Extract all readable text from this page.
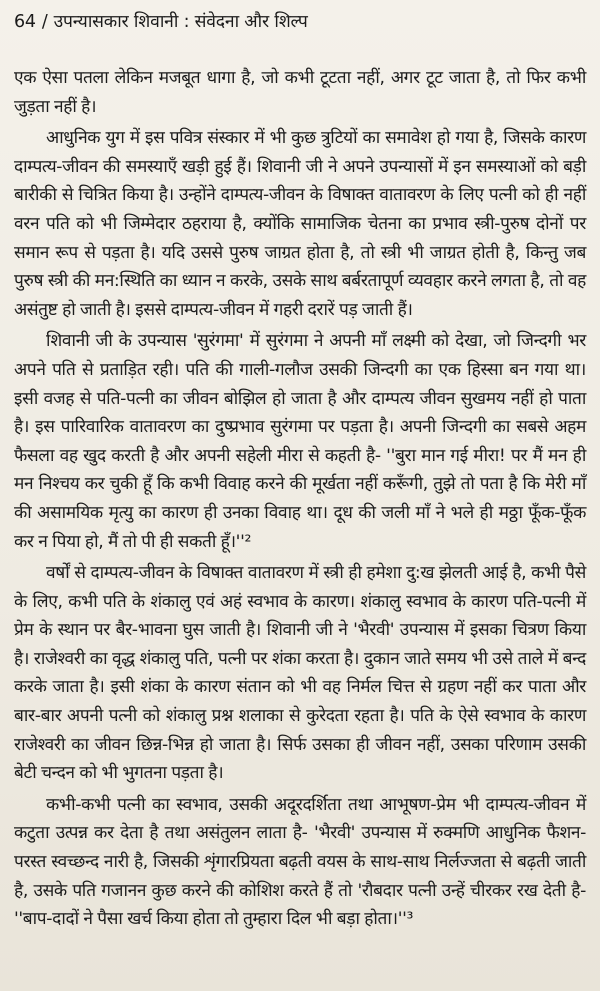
64 / उपन्यासकार शिवानी : संवेदना और शिल्प

एक ऐसा पतला लेकिन मजबूत धागा है, जो कभी टूटता नहीं, अगर टूट जाता है, तो फिर कभी जुड़ता नहीं है।

आधुनिक युग में इस पवित्र संस्कार में भी कुछ त्रुटियों का समावेश हो गया है, जिसके कारण दाम्पत्य-जीवन की समस्याएँ खड़ी हुई हैं। शिवानी जी ने अपने उपन्यासों में इन समस्याओं को बड़ी बारीकी से चित्रित किया है। उन्होंने दाम्पत्य-जीवन के विषाक्त वातावरण के लिए पत्नी को ही नहीं वरन पति को भी जिम्मेदार ठहराया है, क्योंकि सामाजिक चेतना का प्रभाव स्त्री-पुरुष दोनों पर समान रूप से पड़ता है। यदि उससे पुरुष जाग्रत होता है, तो स्त्री भी जाग्रत होती है, किन्तु जब पुरुष स्त्री की मन:स्थिति का ध्यान न करके, उसके साथ बर्बरतापूर्ण व्यवहार करने लगता है, तो वह असंतुष्ट हो जाती है। इससे दाम्पत्य-जीवन में गहरी दरारें पड़ जाती हैं।

शिवानी जी के उपन्यास 'सुरंगमा' में सुरंगमा ने अपनी माँ लक्ष्मी को देखा, जो जिन्दगी भर अपने पति से प्रताड़ित रही। पति की गाली-गलौज उसकी जिन्दगी का एक हिस्सा बन गया था। इसी वजह से पति-पत्नी का जीवन बोझिल हो जाता है और दाम्पत्य जीवन सुखमय नहीं हो पाता है। इस पारिवारिक वातावरण का दुष्प्रभाव सुरंगमा पर पड़ता है। अपनी जिन्दगी का सबसे अहम फैसला वह खुद करती है और अपनी सहेली मीरा से कहती है- ''बुरा मान गई मीरा! पर मैं मन ही मन निश्चय कर चुकी हूँ कि कभी विवाह करने की मूर्खता नहीं करूँगी, तुझे तो पता है कि मेरी माँ की असामयिक मृत्यु का कारण ही उनका विवाह था। दूध की जली माँ ने भले ही मठ्ठा फूँक-फूँक कर न पिया हो, मैं तो पी ही सकती हूँ।''²

वर्षों से दाम्पत्य-जीवन के विषाक्त वातावरण में स्त्री ही हमेशा दु:ख झेलती आई है, कभी पैसे के लिए, कभी पति के शंकालु एवं अहं स्वभाव के कारण। शंकालु स्वभाव के कारण पति-पत्नी में प्रेम के स्थान पर बैर-भावना घुस जाती है। शिवानी जी ने 'भैरवी' उपन्यास में इसका चित्रण किया है। राजेश्वरी का वृद्ध शंकालु पति, पत्नी पर शंका करता है। दुकान जाते समय भी उसे ताले में बन्द करके जाता है। इसी शंका के कारण संतान को भी वह निर्मल चित्त से ग्रहण नहीं कर पाता और बार-बार अपनी पत्नी को शंकालु प्रश्न शलाका से कुरेदता रहता है। पति के ऐसे स्वभाव के कारण राजेश्वरी का जीवन छिन्न-भिन्न हो जाता है। सिर्फ उसका ही जीवन नहीं, उसका परिणाम उसकी बेटी चन्दन को भी भुगतना पड़ता है।

कभी-कभी पत्नी का स्वभाव, उसकी अदूरदर्शिता तथा आभूषण-प्रेम भी दाम्पत्य-जीवन में कटुता उत्पन्न कर देता है तथा असंतुलन लाता है- 'भैरवी' उपन्यास में रुक्मणि आधुनिक फैशन-परस्त स्वच्छन्द नारी है, जिसकी शृंगारप्रियता बढ़ती वयस के साथ-साथ निर्लज्जता से बढ़ती जाती है, उसके पति गजानन कुछ करने की कोशिश करते हैं तो 'रौबदार पत्नी उन्हें चीरकर रख देती है- ''बाप-दादों ने पैसा खर्च किया होता तो तुम्हारा दिल भी बड़ा होता।''³
